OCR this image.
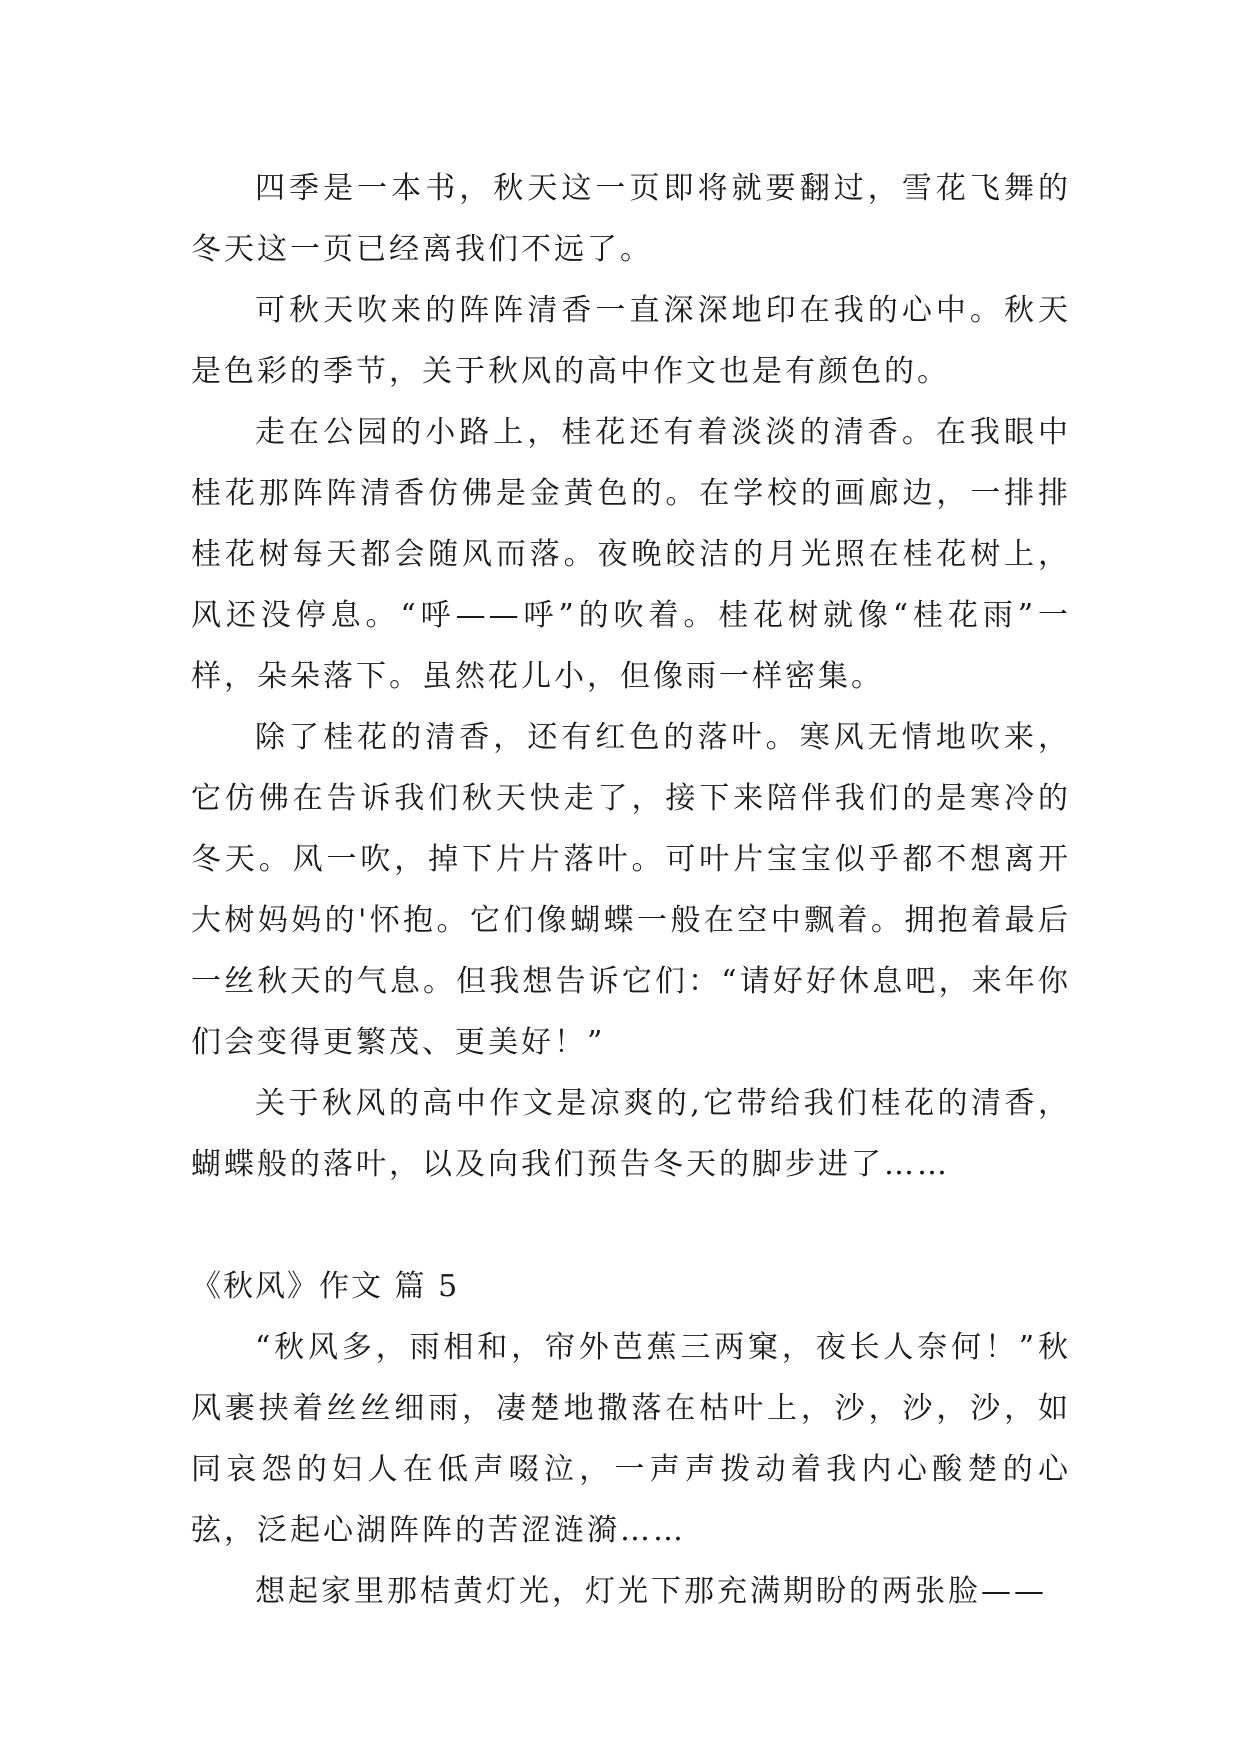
四季是一本书，秋天这一页即将就要翻过，雪花飞舞的冬天这一页已经离我们不远了。

可秋天吹来的阵阵清香一直深深地印在我的心中。秋天是色彩的季节，关于秋风的高中作文也是有颜色的。

走在公园的小路上，桂花还有着淡淡的清香。在我眼中桂花那阵阵清香仿佛是金黄色的。在学校的画廊边，一排排桂花树每天都会随风而落。夜晚皎洁的月光照在桂花树上，风还没停息。“呼——呼”的吹着。桂花树就像“桂花雨”一样，朵朵落下。虽然花儿小，但像雨一样密集。

除了桂花的清香，还有红色的落叶。寒风无情地吹来，它仿佛在告诉我们秋天快走了，接下来陪伴我们的是寒冷的冬天。风一吹，掉下片片落叶。可叶片宝宝似乎都不想离开大树妈妈的'怀抱。它们像蝴蝶一般在空中飘着。拥抱着最后一丝秋天的气息。但我想告诉它们：“请好好休息吧，来年你们会变得更繁茂、更美好！”

关于秋风的高中作文是凉爽的,它带给我们桂花的清香，蝴蝶般的落叶，以及向我们预告冬天的脚步进了……

《秋风》作文 篇 5

“秋风多，雨相和，帘外芭蕉三两窠，夜长人奈何！”秋风裹挟着丝丝细雨，凄楚地撒落在枯叶上，沙，沙，沙，如同哀怨的妇人在低声啜泣，一声声拨动着我内心酸楚的心弦，泛起心湖阵阵的苦涩涟漪……

想起家里那桔黄灯光，灯光下那充满期盼的两张脸——
